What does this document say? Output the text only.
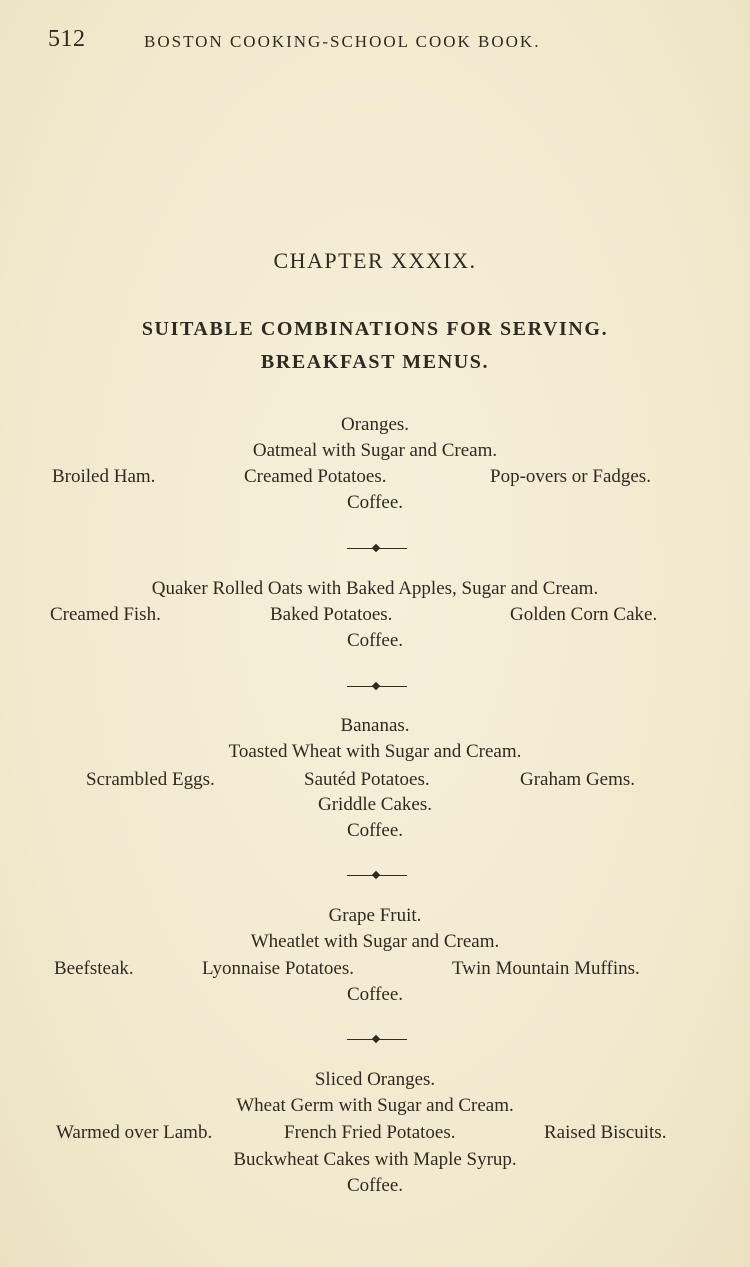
512	BOSTON COOKING-SCHOOL COOK BOOK.
CHAPTER XXXIX.
SUITABLE COMBINATIONS FOR SERVING.
BREAKFAST MENUS.
Oranges.
Oatmeal with Sugar and Cream.
Broiled Ham.	Creamed Potatoes.	Pop-overs or Fadges.
Coffee.
Quaker Rolled Oats with Baked Apples, Sugar and Cream.
Creamed Fish.	Baked Potatoes.	Golden Corn Cake.
Coffee.
Bananas.
Toasted Wheat with Sugar and Cream.
Scrambled Eggs.	Sautéd Potatoes.	Graham Gems.
Griddle Cakes.
Coffee.
Grape Fruit.
Wheatlet with Sugar and Cream.
Beefsteak.	Lyonnaise Potatoes.	Twin Mountain Muffins.
Coffee.
Sliced Oranges.
Wheat Germ with Sugar and Cream.
Warmed over Lamb.	French Fried Potatoes.	Raised Biscuits.
Buckwheat Cakes with Maple Syrup.
Coffee.
